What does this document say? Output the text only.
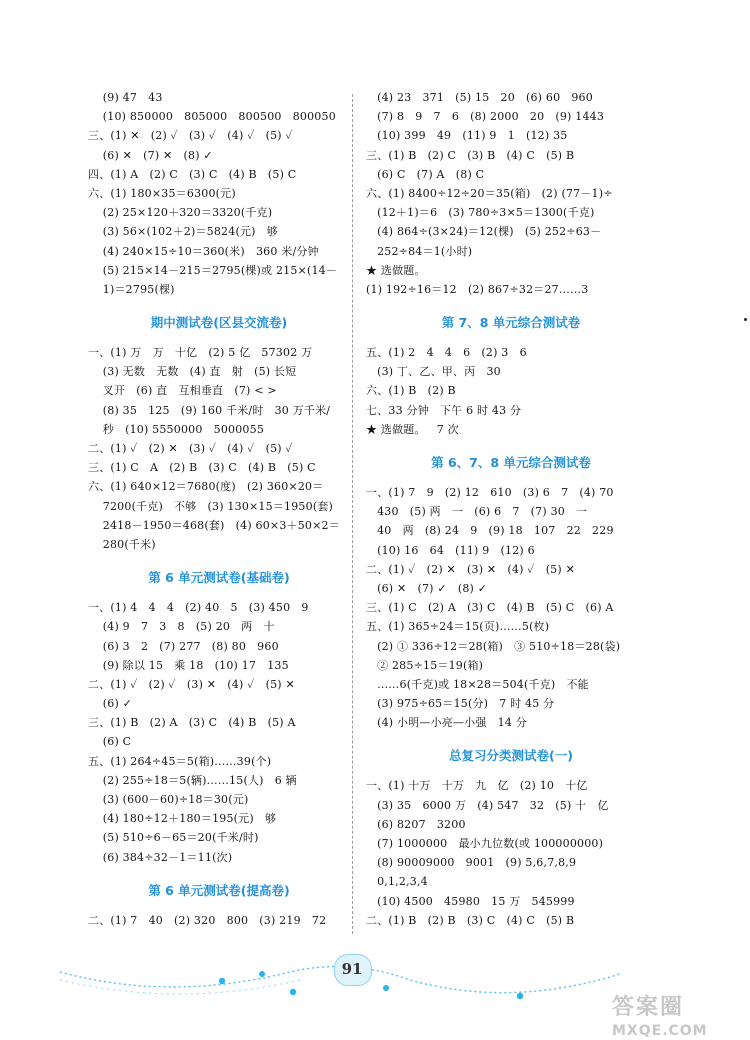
(9) 47   43
(10) 850000   805000   800500   800050
三、(1) ✕   (2) ✓   (3) ✓   (4) ✓   (5) ✓
(6) ✕   (7) ✕   (8) ✓
四、(1) A   (2) C   (3) C   (4) B   (5) C
六、(1) 180×35＝6300(元)
(2) 25×120＋320＝3320(千克)
(3) 56×(102＋2)＝5824(元)   够
(4) 240×15÷10＝360(米)   360 米/分钟
(5) 215×14－215＝2795(棵)或 215×(14－
1)＝2795(棵)
期中测试卷(区县交流卷)
一、(1) 万   万   十亿   (2) 5 亿   57302 万
(3) 无数   无数   (4) 直   射   (5) 长短
叉开   (6) 直   互相垂直   (7) < >
(8) 35   125   (9) 160 千米/时   30 万千米/
秒   (10) 5550000   5000055
二、(1) ✓   (2) ✕   (3) ✓   (4) ✓   (5) ✓
三、(1) C   A   (2) B   (3) C   (4) B   (5) C
六、(1) 640×12＝7680(度)   (2) 360×20＝
7200(千克)   不够   (3) 130×15＝1950(套)
2418－1950＝468(套)   (4) 60×3＋50×2＝
280(千米)
第 6 单元测试卷(基础卷)
一、(1) 4   4   4   (2) 40   5   (3) 450   9
(4) 9   7   3   8   (5) 20   两   十
(6) 3   2   (7) 277   (8) 80   960
(9) 除以 15   乘 18   (10) 17   135
二、(1) ✓   (2) ✓   (3) ✕   (4) ✓   (5) ✕
(6) ✓
三、(1) B   (2) A   (3) C   (4) B   (5) A
(6) C
五、(1) 264÷45＝5(箱)……39(个)
(2) 255÷18＝5(辆)……15(人)   6 辆
(3) (600－60)÷18＝30(元)
(4) 180÷12＋180＝195(元)   够
(5) 510÷6－65＝20(千米/时)
(6) 384÷32－1＝11(次)
第 6 单元测试卷(提高卷)
二、(1) 7   40   (2) 320   800   (3) 219   72
(4) 23   371   (5) 15   20   (6) 60   960
(7) 8   9   7   6   (8) 2000   20   (9) 1443
(10) 399   49   (11) 9   1   (12) 35
三、(1) B   (2) C   (3) B   (4) C   (5) B
(6) C   (7) A   (8) C
六、(1) 8400÷12÷20＝35(箱)   (2) (77－1)÷
(12＋1)＝6   (3) 780÷3×5＝1300(千克)
(4) 864÷(3×24)＝12(棵)   (5) 252÷63－
252÷84＝1(小时)
★ 选做题。
(1) 192÷16＝12   (2) 867÷32＝27……3
第 7、8 单元综合测试卷
五、(1) 2   4   4   6   (2) 3   6
(3) 丁、乙、甲、丙   30
六、(1) B   (2) B
七、33 分钟   下午 6 时 43 分
★ 选做题。   7 次
第 6、7、8 单元综合测试卷
一、(1) 7   9   (2) 12   610   (3) 6   7   (4) 70
430   (5) 两   一   (6) 6   7   (7) 30   一
40   两   (8) 24   9   (9) 18   107   22   229
(10) 16   64   (11) 9   (12) 6
二、(1) ✓   (2) ✕   (3) ✕   (4) ✓   (5) ✕
(6) ✕   (7) ✓   (8) ✓
三、(1) C   (2) A   (3) C   (4) B   (5) C   (6) A
五、(1) 365÷24＝15(页)……5(枚)
(2) ① 336÷12＝28(箱)   ③ 510÷18＝28(袋)
② 285÷15＝19(箱)
……6(千克)或 18×28＝504(千克)   不能
(3) 975÷65＝15(分)   7 时 45 分
(4) 小明—小亮—小强   14 分
总复习分类测试卷(一)
一、(1) 十万   十万   九   亿   (2) 10   十亿
(3) 35   6000 万   (4) 547   32   (5) 十   亿
(6) 8207   3200
(7) 1000000   最小九位数(或 100000000)
(8) 90009000   9001   (9) 5,6,7,8,9
0,1,2,3,4
(10) 4500   45980   15 万   545999
二、(1) B   (2) B   (3) C   (4) C   (5) B
91
答案圈
MXQE.COM
